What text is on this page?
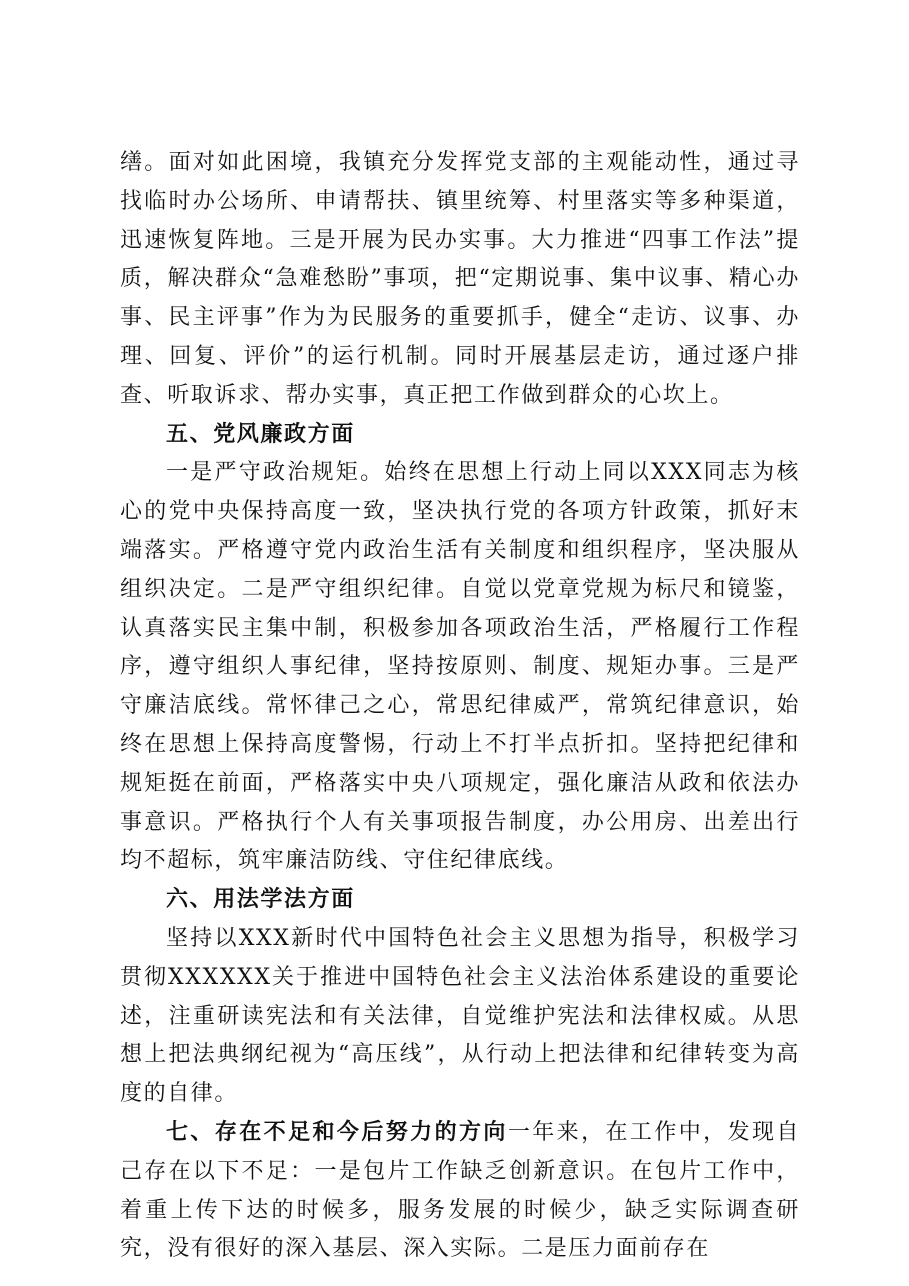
缮。面对如此困境，我镇充分发挥党支部的主观能动性，通过寻找临时办公场所、申请帮扶、镇里统筹、村里落实等多种渠道，迅速恢复阵地。三是开展为民办实事。大力推进“四事工作法”提质，解决群众“急难愁盼”事项，把“定期说事、集中议事、精心办事、民主评事”作为为民服务的重要抓手，健全“走访、议事、办理、回复、评价”的运行机制。同时开展基层走访，通过逐户排查、听取诉求、帮办实事，真正把工作做到群众的心坎上。

五、党风廉政方面

一是严守政治规矩。始终在思想上行动上同以XXX同志为核心的党中央保持高度一致，坚决执行党的各项方针政策，抓好末端落实。严格遵守党内政治生活有关制度和组织程序，坚决服从组织决定。二是严守组织纪律。自觉以党章党规为标尺和镜鉴，认真落实民主集中制，积极参加各项政治生活，严格履行工作程序，遵守组织人事纪律，坚持按原则、制度、规矩办事。三是严守廉洁底线。常怀律己之心，常思纪律威严，常筑纪律意识，始终在思想上保持高度警惕，行动上不打半点折扣。坚持把纪律和规矩挺在前面，严格落实中央八项规定，强化廉洁从政和依法办事意识。严格执行个人有关事项报告制度，办公用房、出差出行均不超标，筑牢廉洁防线、守住纪律底线。

六、用法学法方面

坚持以XXX新时代中国特色社会主义思想为指导，积极学习贯彻XXXXXX关于推进中国特色社会主义法治体系建设的重要论述，注重研读宪法和有关法律，自觉维护宪法和法律权威。从思想上把法典纲纪视为“高压线”，从行动上把法律和纪律转变为高度的自律。

七、存在不足和今后努力的方向一年来，在工作中，发现自己存在以下不足：一是包片工作缺乏创新意识。在包片工作中，着重上传下达的时候多，服务发展的时候少，缺乏实际调查研究，没有很好的深入基层、深入实际。二是压力面前存在
